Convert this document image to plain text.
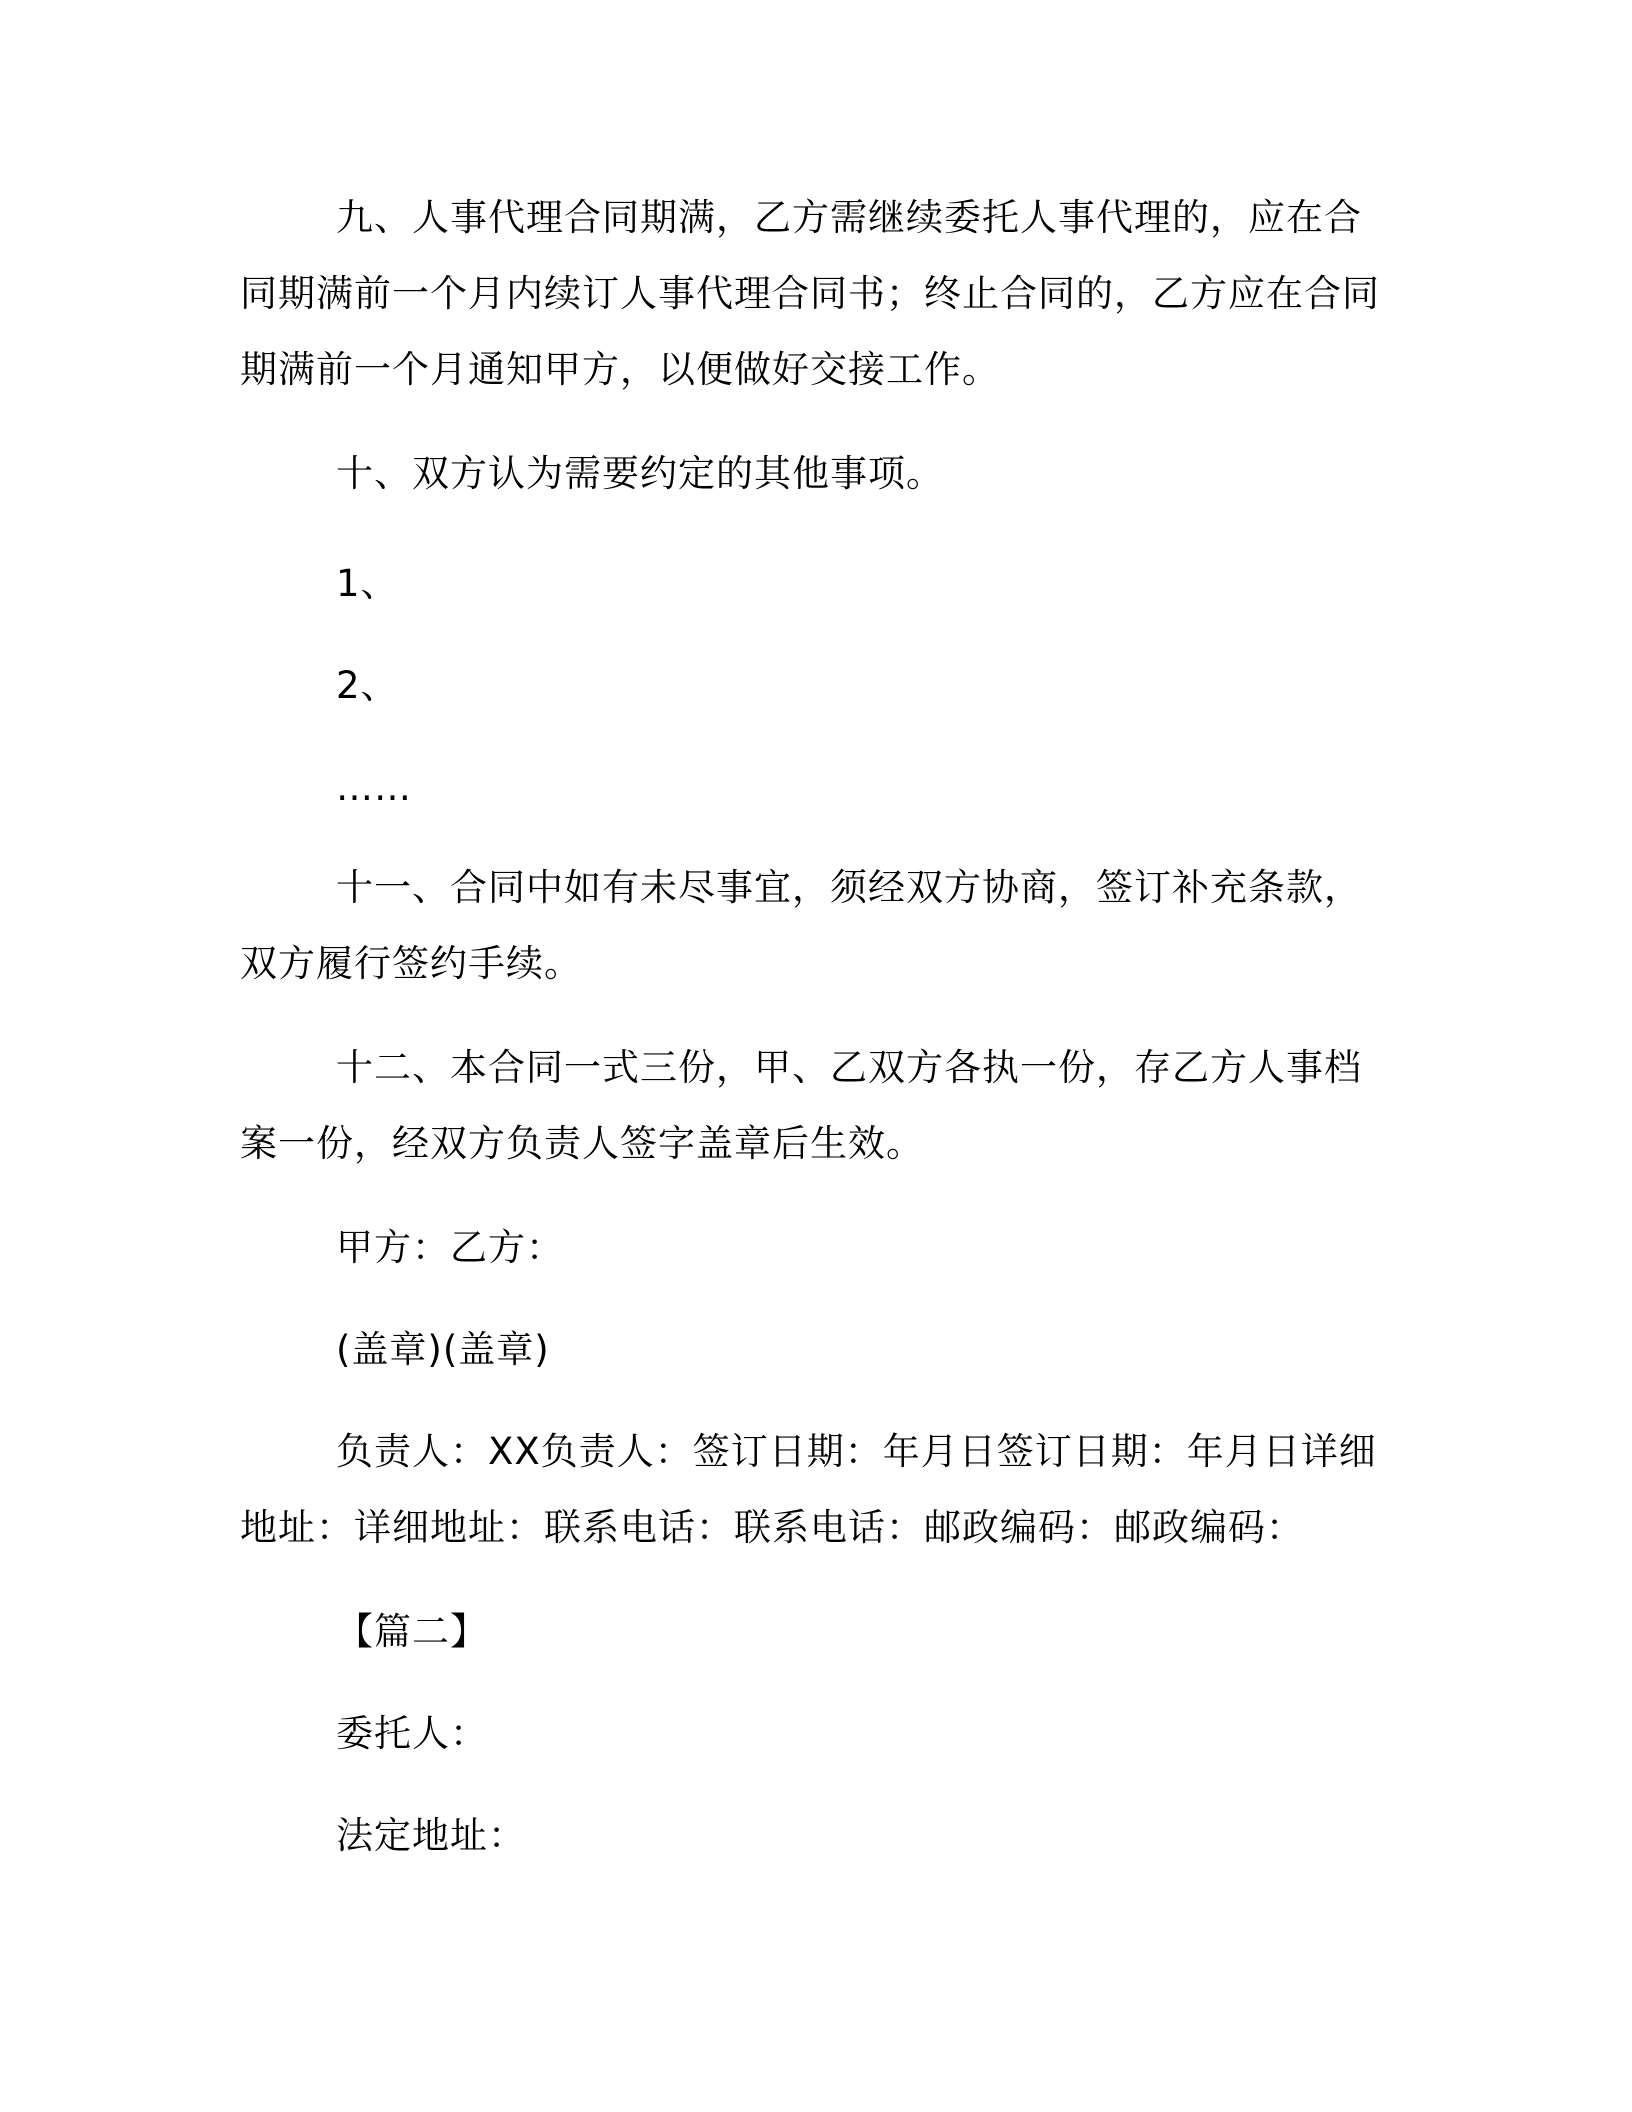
九、人事代理合同期满，乙方需继续委托人事代理的，应在合同期满前一个月内续订人事代理合同书；终止合同的，乙方应在合同期满前一个月通知甲方，以便做好交接工作。

十、双方认为需要约定的其他事项。

1、

2、

……

十一、合同中如有未尽事宜，须经双方协商，签订补充条款，双方履行签约手续。

十二、本合同一式三份，甲、乙双方各执一份，存乙方人事档案一份，经双方负责人签字盖章后生效。

甲方：乙方：

(盖章)(盖章)

负责人：XX负责人：签订日期：年月日签订日期：年月日详细地址：详细地址：联系电话：联系电话：邮政编码：邮政编码：

【篇二】

委托人：

法定地址：
